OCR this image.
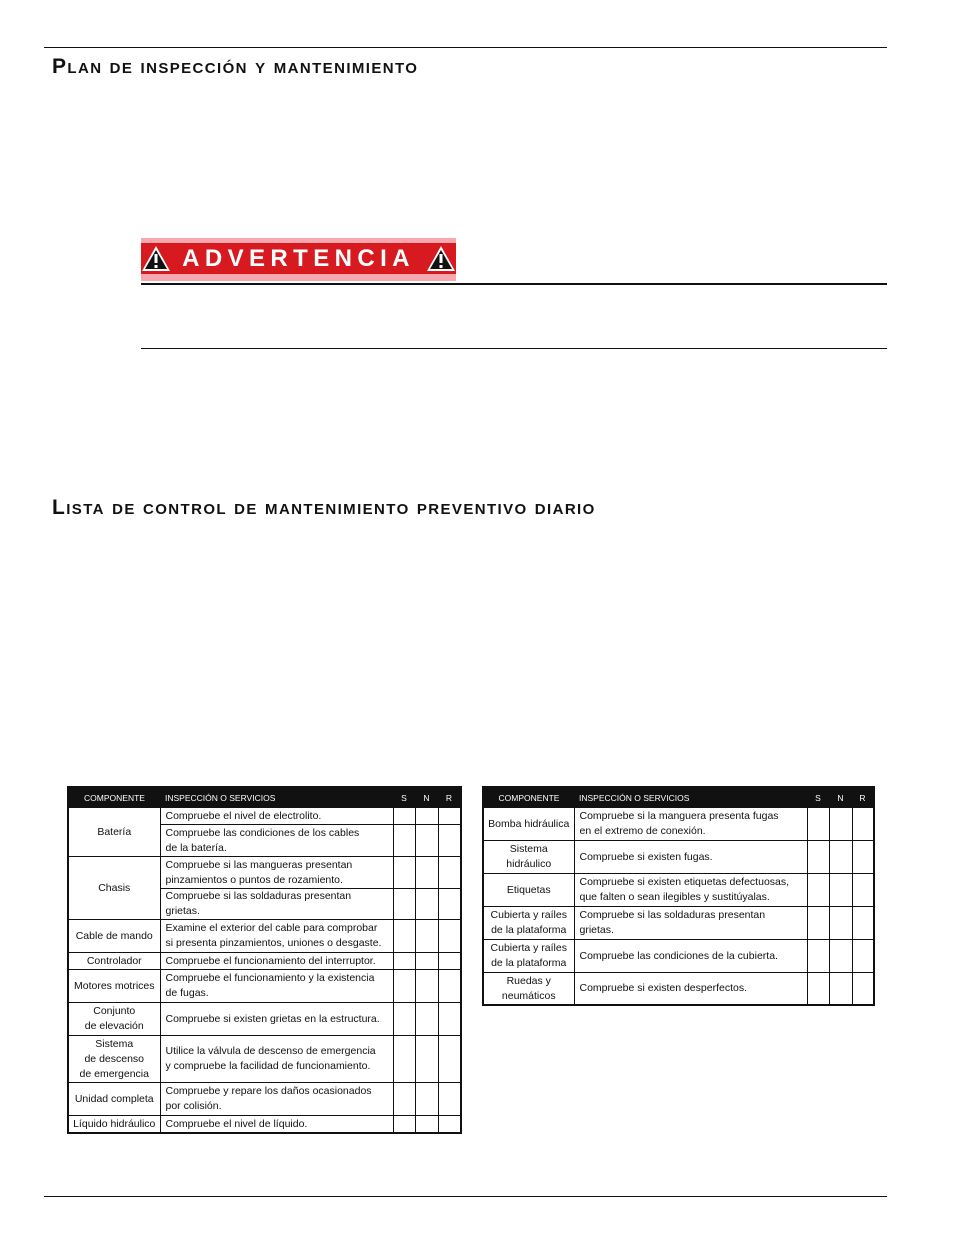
Plan de inspección y mantenimiento
ADVERTENCIA
Lista de control de mantenimiento preventivo diario
COMPONENTE	INSPECCIÓN O SERVICIOS	S	N	R
Batería	Compruebe el nivel de electrolito.			
	Compruebe las condiciones de los cables
de la batería.			
Chasis	Compruebe si las mangueras presentan
pinzamientos o puntos de rozamiento.			
	Compruebe si las soldaduras presentan grietas.			
Cable de mando	Examine el exterior del cable para comprobar
si presenta pinzamientos, uniones o desgaste.			
Controlador	Compruebe el funcionamiento del interruptor.			
Motores motrices	Compruebe el funcionamiento y la existencia
de fugas.			
Conjunto
de elevación	Compruebe si existen grietas en la estructura.			
Sistema
de descenso
de emergencia	Utilice la válvula de descenso de emergencia
y compruebe la facilidad de funcionamiento.			
Unidad completa	Compruebe y repare los daños ocasionados
por colisión.			
Líquido hidráulico	Compruebe el nivel de líquido.			
COMPONENTE	INSPECCIÓN O SERVICIOS	S	N	R
Bomba hidráulica	Compruebe si la manguera presenta fugas
en el extremo de conexión.			
Sistema
hidráulico	Compruebe si existen fugas.			
Etiquetas	Compruebe si existen etiquetas defectuosas,
que falten o sean ilegibles y sustitúyalas.			
Cubierta y raíles
de la plataforma	Compruebe si las soldaduras presentan grietas.			
Cubierta y raíles
de la plataforma	Compruebe las condiciones de la cubierta.			
Ruedas y
neumáticos	Compruebe si existen desperfectos.			
